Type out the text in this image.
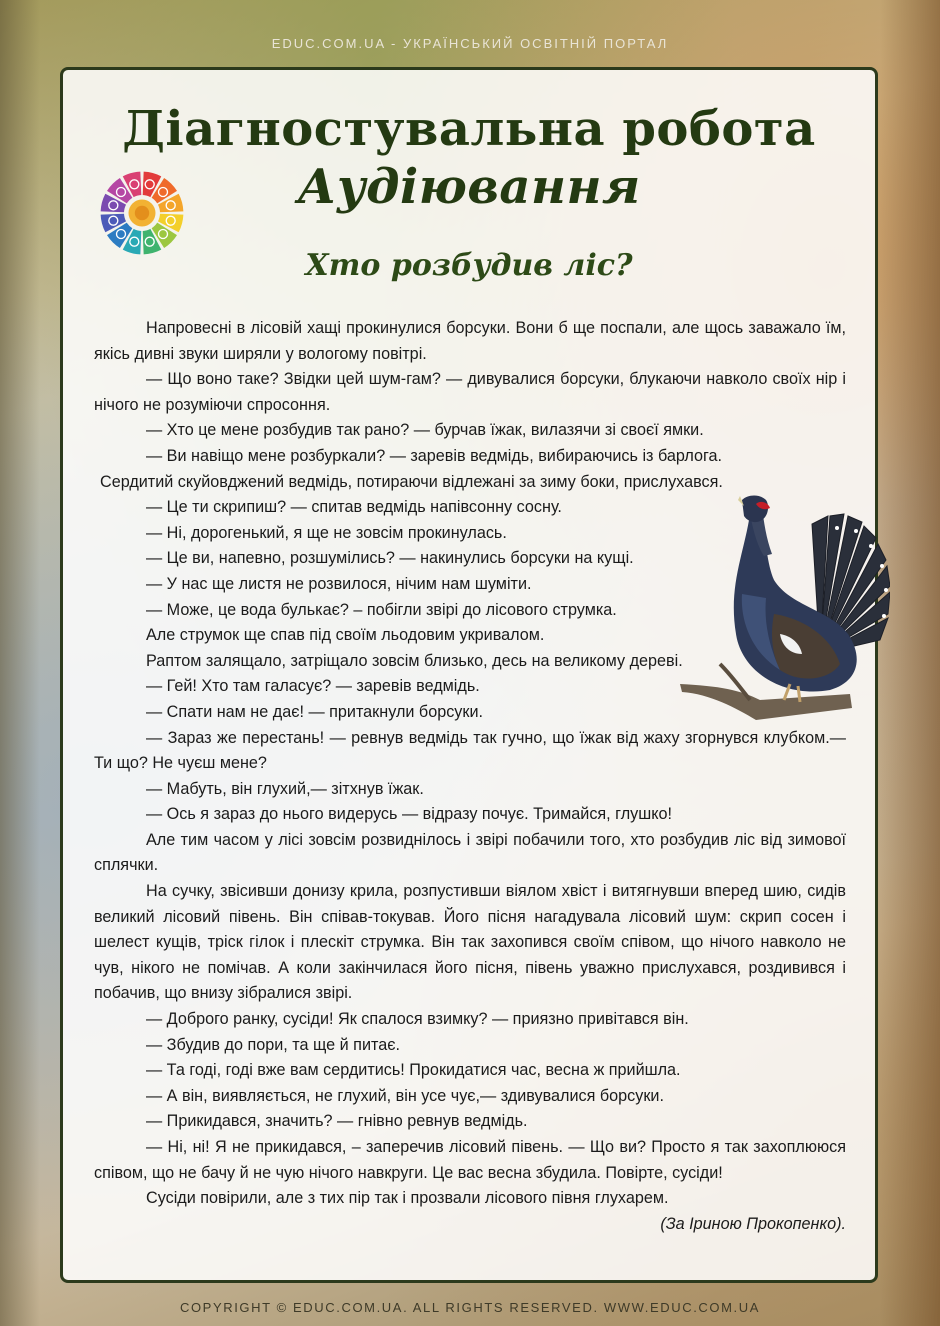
EDUC.COM.UA - УКРАЇНСЬКИЙ ОСВІТНІЙ ПОРТАЛ
Діагностувальна робота
Аудіювання
Хто розбудив ліс?

Напровесні в лісовій хащі прокинулися борсуки. Вони б ще поспали, але щось заважало їм, якісь дивні звуки ширяли у вологому повітрі.

— Що воно таке? Звідки цей шум-гам? — дивувалися борсуки, блукаючи навколо своїх нір і нічого не розуміючи спросоння.

— Хто це мене розбудив так рано? — бурчав їжак, вилазячи зі своєї ямки.

— Ви навіщо мене розбуркали? — заревів ведмідь, вибираючись із барлога.

Сердитий скуйовджений ведмідь, потираючи відлежані за зиму боки, прислухався.

— Це ти скрипиш? — спитав ведмідь напівсонну сосну.

— Ні, дорогенький, я ще не зовсім прокинулась.

— Це ви, напевно, розшумілись? — накинулись борсуки на кущі.

— У нас ще листя не розвилося, нічим нам шуміти.

— Може, це вода булькає? – побігли звірі до лісового струмка.

Але струмок ще спав під своїм льодовим укривалом.

Раптом залящало, затріщало зовсім близько, десь на великому дереві.

— Гей! Хто там галасує? — заревів ведмідь.

— Спати нам не дає! — притакнули борсуки.

— Зараз же перестань! — ревнув ведмідь так гучно, що їжак від жаху згорнувся клубком.— Ти що? Не чуєш мене?

— Мабуть, він глухий,— зітхнув їжак.

— Ось я зараз до нього видерусь — відразу почує. Тримайся, глушко!

Але тим часом у лісі зовсім розвиднілось і звірі побачили того, хто розбудив ліс від зимової сплячки.

На сучку, звісивши донизу крила, розпустивши віялом хвіст і витягнувши вперед шию, сидів великий лісовий півень. Він співав-токував. Його пісня нагадувала лісовий шум: скрип сосен і шелест кущів, тріск гілок і плескіт струмка. Він так захопився своїм співом, що нічого навколо не чув, нікого не помічав. А коли закінчилася його пісня, півень уважно прислухався, роздивився і побачив, що внизу зібралися звірі.

— Доброго ранку, сусіди! Як спалося взимку? — приязно привітався він.

— Збудив до пори, та ще й питає.

— Та годі, годі вже вам сердитись! Прокидатися час, весна ж прийшла.

— А він, виявляється, не глухий, він усе чує,— здивувалися борсуки.

— Прикидався, значить? — гнівно ревнув ведмідь.

— Ні, ні! Я не прикидався, – заперечив лісовий півень. — Що ви? Просто я так захоплююся співом, що не бачу й не чую нічого навкруги. Це вас весна збудила. Повірте, сусіди!

Сусіди повірили, але з тих пір так і прозвали лісового півня глухарем.

(За Іриною Прокопенко).

COPYRIGHT © EDUC.COM.UA. ALL RIGHTS RESERVED. WWW.EDUC.COM.UA
